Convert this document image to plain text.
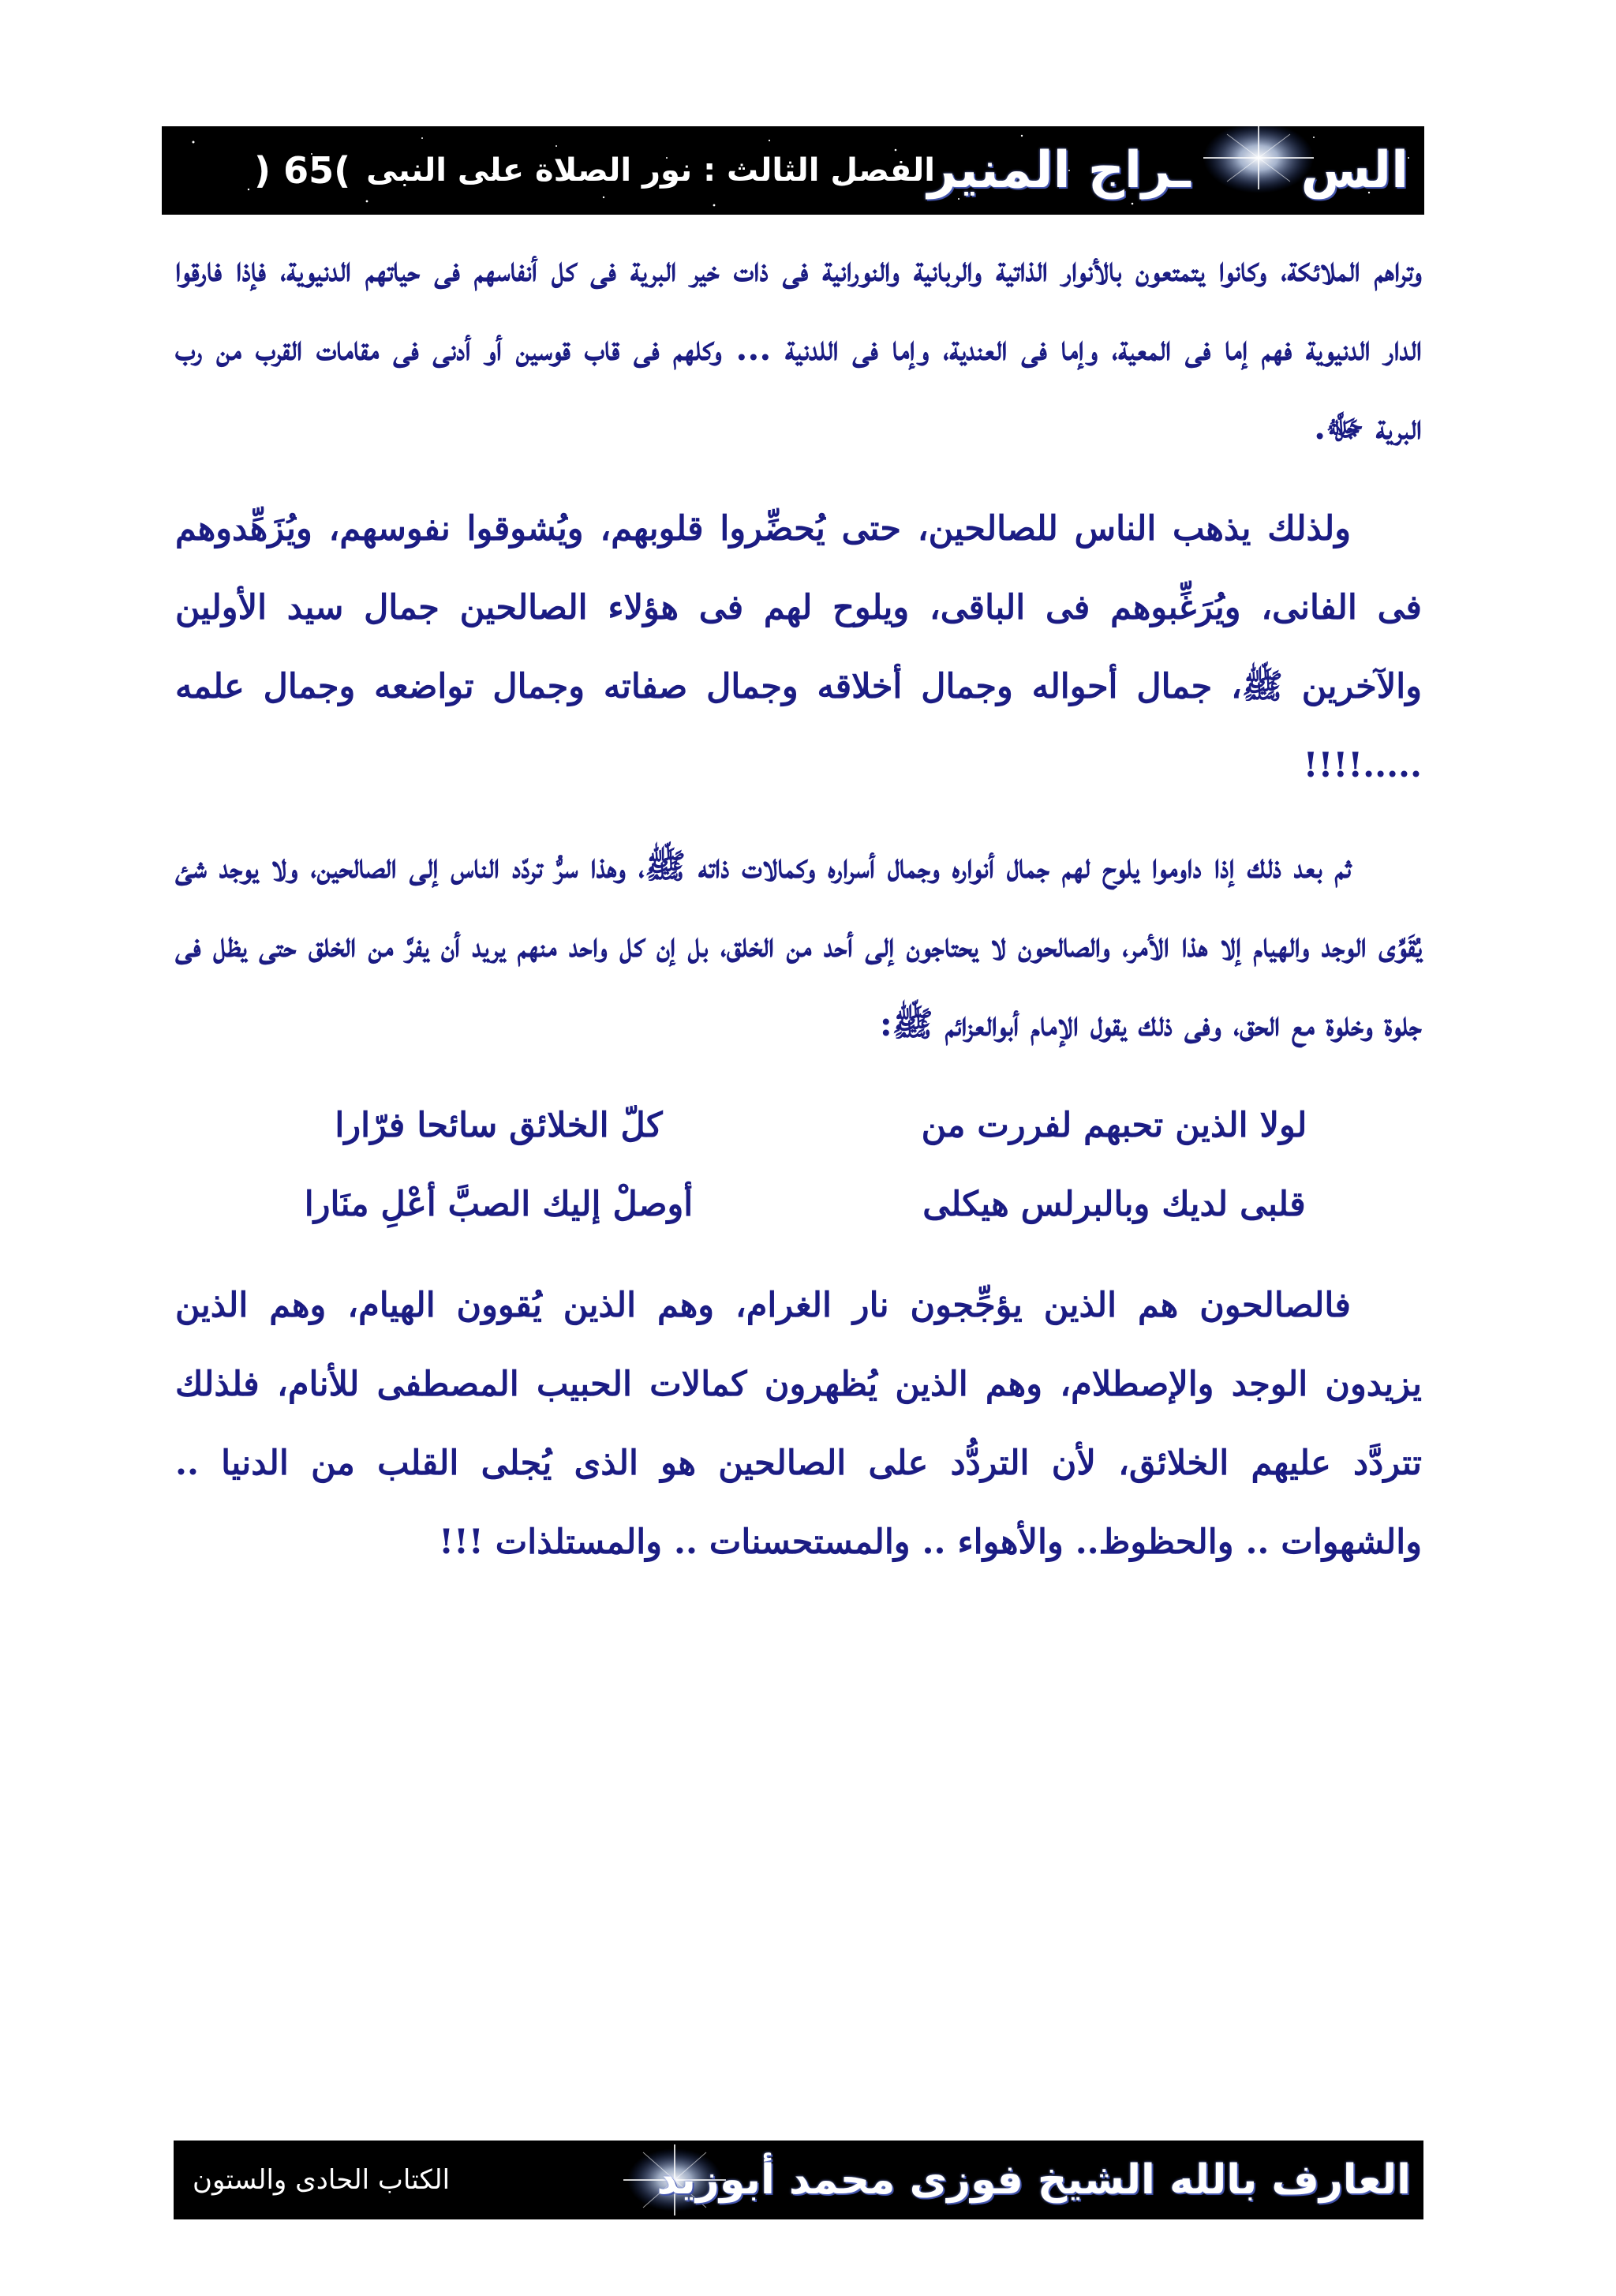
الس
ـراج المنير
الفصل الثالث : نور الصلاة على النبى
)65 (

وتراهم الملائكة، وكانوا يتمتعون بالأنوار الذاتية والربانية والنورانية فى ذات خير البرية فى كل أنفاسهم فى حياتهم الدنيوية، فإذا فارقوا الدار الدنيوية فهم إما فى المعية، وإما فى العندية، وإما فى اللدنية ... وكلهم فى قاب قوسين أو أدنى فى مقامات القرب من رب البرية ﷻ.

ولذلك يذهب الناس للصالحين، حتى يُحضِّروا قلوبهم، ويُشوقوا نفوسهم، ويُزَهِّدوهم فى الفانى، ويُرَغِّبوهم فى الباقى، ويلوح لهم فى هؤلاء الصالحين جمال سيد الأولين والآخرين ﷺ، جمال أحواله وجمال أخلاقه وجمال صفاته وجمال تواضعه وجمال علمه .....!!!!

ثم بعد ذلك إذا داوموا يلوح لهم جمال أنواره وجمال أسراره وكمالات ذاته ﷺ، وهذا سرُّ تردّد الناس إلى الصالحين، ولا يوجد شئ يُقَوِّى الوجد والهيام إلا هذا الأمر، والصالحون لا يحتاجون إلى أحد من الخلق، بل إن كل واحد منهم يريد أن يفرَّ من الخلق حتى يظل فى جلوة وخلوة مع الحق، وفى ذلك يقول الإمام أبوالعزائم ﷺ:

لولا الذين تحبهم لفررت من
كلّ الخلائق سائحا فرّارا
قلبى لديك وبالبرلس هيكلى
أوصلْ إليك الصبَّ أعْلِ منَارا

فالصالحون هم الذين يؤجِّجون نار الغرام، وهم الذين يُقوون الهيام، وهم الذين يزيدون الوجد والإصطلام، وهم الذين يُظهرون كمالات الحبيب المصطفى للأنام، فلذلك تتردَّد عليهم الخلائق، لأن التردُّد على الصالحين هو الذى يُجلى القلب من الدنيا .. والشهوات .. والحظوظ.. والأهواء .. والمستحسنات .. والمستلذات !!!

العارف بالله الشيخ فوزى محمد أبوزيد
الكتاب الحادى والستون
